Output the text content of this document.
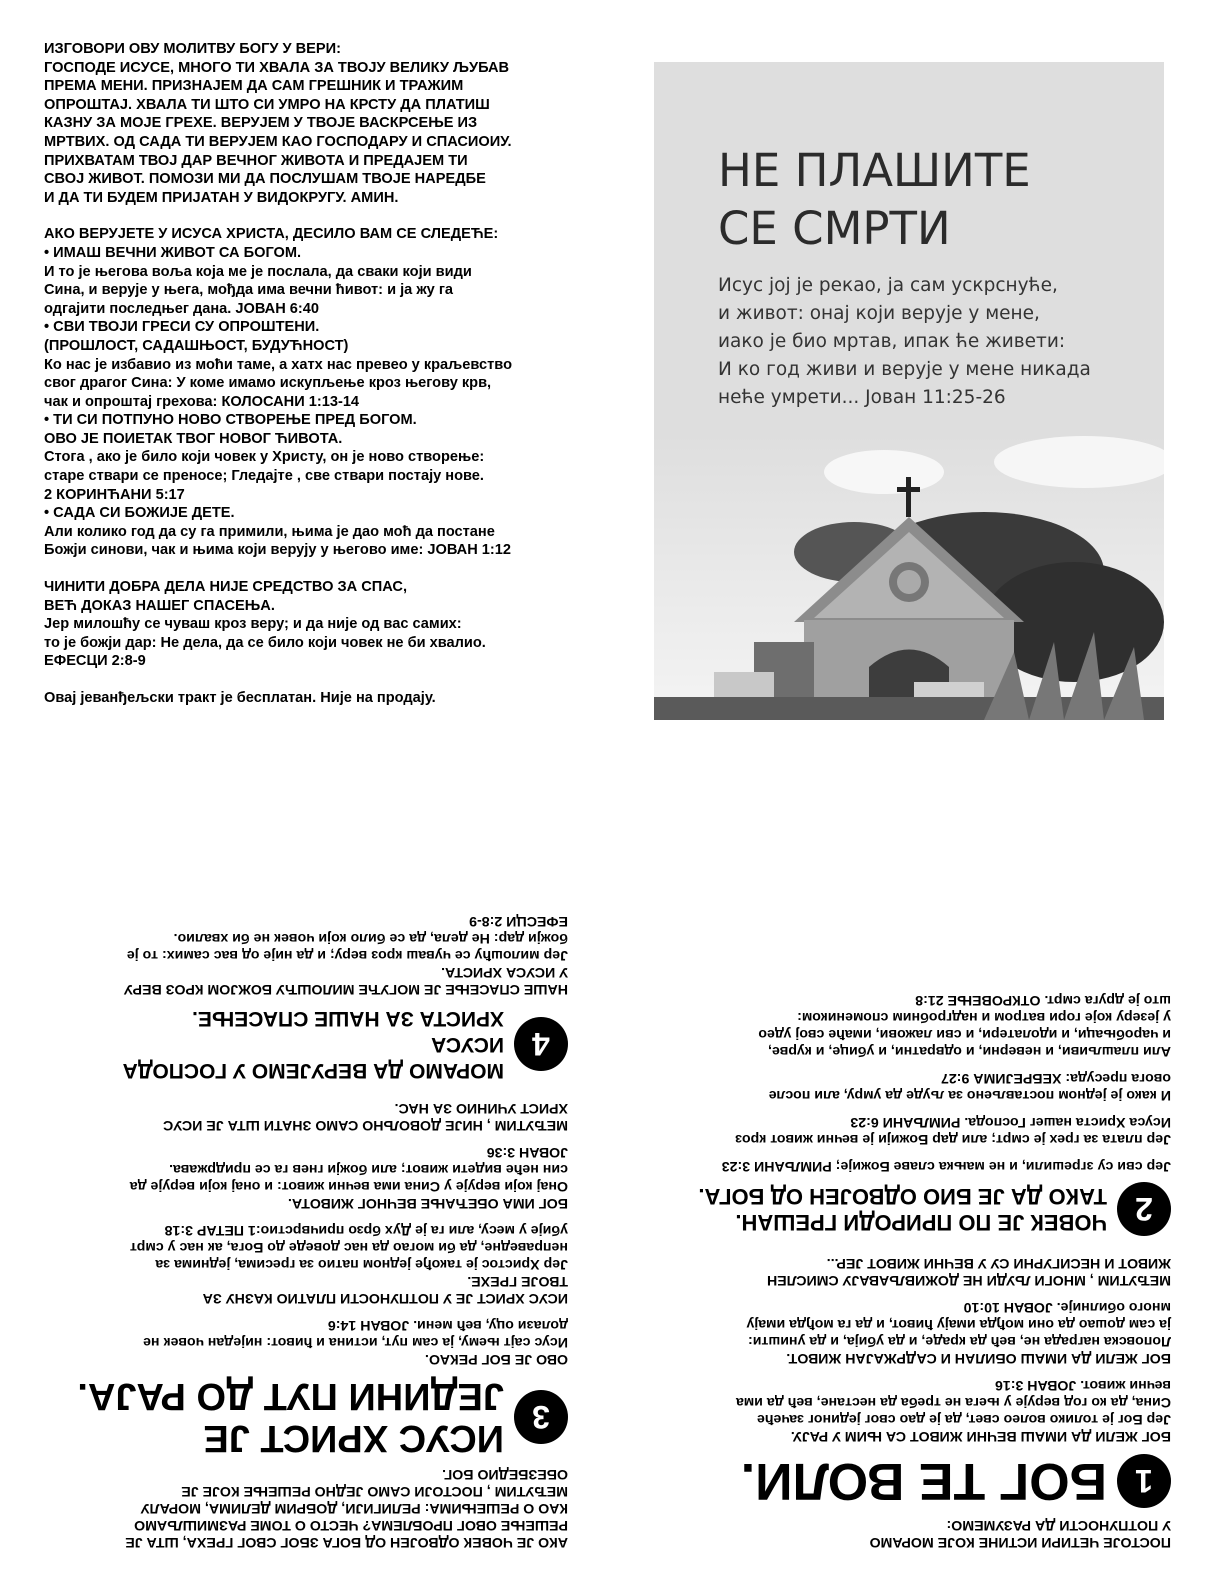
ИЗГОВОРИ ОВУ МОЛИТВУ БОГУ У ВЕРИ:

ГОСПОДЕ ИСУСЕ, МНОГО ТИ ХВАЛА ЗА ТВОЈУ ВЕЛИКУ ЉУБАВ

ПРЕМА МЕНИ. ПРИЗНАЈЕМ ДА САМ ГРЕШНИК И ТРАЖИМ

ОПРОШТАЈ. ХВАЛА ТИ ШТО СИ УМРО НА КРСТУ ДА ПЛАТИШ

КАЗНУ ЗА МОЈЕ ГРЕХЕ. ВЕРУЈЕМ У ТВОЈЕ ВАСКРСЕЊЕ ИЗ

МРТВИХ. ОД САДА ТИ ВЕРУЈЕМ КАО ГОСПОДАРУ И СПАСИОИУ.

ПРИХВАТАМ ТВОЈ ДАР ВЕЧНОГ ЖИВОТА И ПРЕДАЈЕМ ТИ

СВОЈ ЖИВОТ. ПОМОЗИ МИ ДА ПОСЛУШАМ ТВОЈЕ НАРЕДБЕ

И ДА ТИ БУДЕМ ПРИЈАТАН У ВИДОКРУГУ. АМИН.

АКО ВЕРУЈЕТЕ У ИСУСА ХРИСТА, ДЕСИЛО ВАМ СЕ СЛЕДЕЋЕ:

• ИМАШ ВЕЧНИ ЖИВОТ СА БОГОМ.

И то је његова воља која ме је послала, да сваки који види

Сина, и верује у њега, мођда има вечни ћивот: и ја жу га

одгајити последњег дана. ЈОВАН 6:40

• СВИ ТВОЈИ ГРЕСИ СУ ОПРОШТЕНИ.

(ПРОШЛОСТ, САДАШЊОСТ, БУДУЋНОСТ)

Ко нас је избавио из моћи таме, а хатх нас превео у краљевство

свог драгог Сина: У коме имамо искупљење кроз његову крв,

чак и опроштај грехова: КОЛОСАНИ 1:13-14

• ТИ СИ ПОТПУНО НОВО СТВОРЕЊЕ ПРЕД БОГОМ.

ОВО ЈЕ ПОИЕТАК ТВОГ НОВОГ ЋИВОТА.

Стога , ако је било који човек у Христу, он је ново створење:

старе ствари се преносе; Гледајте , све ствари постају нове.

2 КОРИНЋАНИ 5:17

• САДА СИ БОЖИЈЕ ДЕТЕ.

Али колико год да су га примили, њима је дао моћ да постане

Божји синови, чак и њима који верују у његово име: ЈОВАН 1:12

ЧИНИТИ ДОБРА ДЕЛА НИЈЕ СРЕДСТВО ЗА СПАС,

ВЕЋ ДОКАЗ НАШЕГ СПАСЕЊА.

Јер милошћу се чуваш кроз веру; и да није од вас самих:

то је божји дар: Не дела, да се било који човек не би хвалио.

ЕФЕСЦИ 2:8-9

Овај јеванђељски тракт је бесплатан. Није на продају.

НЕ ПЛАШИТЕ
СЕ СМРТИ
Исус јој је рекао, ја сам ускрснуће,
и живот: онај који верује у мене,
иако је био мртав, ипак ће живети:
И ко год живи и верује у мене никада
неће умрети... Јован 11:25-26

ПОСТОЈЕ ЧЕТИРИ ИСТИНЕ КОЈЕ МОРАМО

У ПОТПУНОСТИ ДА РАЗУМЕМО:

1
БОГ ТЕ ВОЛИ.

БОГ ЖЕЛИ ДА ИМАШ ВЕЧНИ ЖИВОТ СА ЊИМ У РАЈУ.

Јер Бог је толико волео свет, да је дао свог јединог зачеће

Сина, да ко год верује у њега не треба да нестане, већ да има

вечни живот. ЈОВАН 3:16

БОГ ЖЕЛИ ДА ИМАШ ОБИЛАН И САДРЖАЈАН ЖИВОТ.

Лоповска награда не, већ да краде, и да убија, и да уништи:

ја сам дошао да они мођда имају ћивот, и да га мођда имају

много обилније. ЈОВАН 10:10

МЕЂУТИМ , МНОГИ ЉУДИ НЕ ДОЖИВЉАВАЈУ СМИСЛЕН

ЖИВОТ И НЕСИГУРНИ СУ У ВЕЧНИ ЖИВОТ ЈЕР...

2
ЧОВЕК ЈЕ ПО ПРИРОДИ ГРЕШАН.
ТАКО ДА ЈЕ БИО ОДВОЈЕН ОД БОГА.

Јер сви су згрешили, и не мањка славе Божије; РИМЉАНИ 3:23

Јер плата за грех је смрт; али дар Божији је вечни живот кроз

Исуса Христа нашег Господа. РИМЉАНИ 6:23

И како је једном постављено за људе да умру, али после

овога пресуда: ХЕБРЕЈИМА 9:27

Али плашљиви, и неверни, и одвратни, и убице, и курве,

и чаробњаци, и идолатери, и сви лажови, имаће свој удео

у језеру које гори ватром и надгробним спомеником:

што је друга смрт. ОТКРОВЕЊЕ 21:8

АКО ЈЕ ЧОВЕК ОДВОЈЕН ОД БОГА ЗБОГ СВОГ ГРЕХА, ШТА ЈЕ

РЕШЕЊЕ ОВОГ ПРОБЛЕМА? ЧЕСТО О ТОМЕ РАЗМИШЉАМО

КАО О РЕШЕЊИМА: РЕЛИГИЈИ, ДОБРИМ ДЕЛИМА, МОРАЛУ

МЕЂУТИМ , ПОСТОЈИ САМО ЈЕДНО РЕШЕЊЕ КОЈЕ ЈЕ

ОБЕЗБЕДИО БОГ.

3
ИСУС ХРИСТ ЈЕ
ЈЕДИНИ ПУТ ДО РАЈА.

ОВО ЈЕ БОГ РЕКАО.

Исус сајт њему, ја сам пут, истина и ћивот: ниједан човек не

долази оцу, већ мени. ЈОВАН 14:6

ИСУС ХРИСТ ЈЕ У ПОТПУНОСТИ ПЛАТИО КАЗНУ ЗА

ТВОЈЕ ГРЕХЕ.

Јер Христос је такође једном патио за гресима, једнима за

неправедне, да би могао да нас доведе до Бога, ак нас у смрт

убије у месу, али га је Дух брзо причврстио:1 ПЕТАР 3:18

БОГ ИМА ОБЕЋАЊЕ ВЕЧНОГ ЖИВОТА.

Онај који верује у Сина има вечни живот: и онај који верује да

син неће видети живот; али божји гнев га се придржава.

ЈОВАН 3:36

МЕЂУТИМ , НИЈЕ ДОВОЉНО САМО ЗНАТИ ШТА ЈЕ ИСУС

ХРИСТ УЧИНИО ЗА НАС.

4
МОРАМО ДА ВЕРУЈЕМО У ГОСПОДА ИСУСА
ХРИСТА ЗА НАШЕ СПАСЕЊЕ.

НАШЕ СПАСЕЊЕ ЈЕ МОГУЋЕ МИЛОШЋУ БОЖЈОМ КРОЗ ВЕРУ

У ИСУСА ХРИСТА.

Јер милошћу се чуваш кроз веру; и да није од вас самих: то је

божји дар: Не дела, да се било који човек не би хвалио.

ЕФЕСЦИ 2:8-9
